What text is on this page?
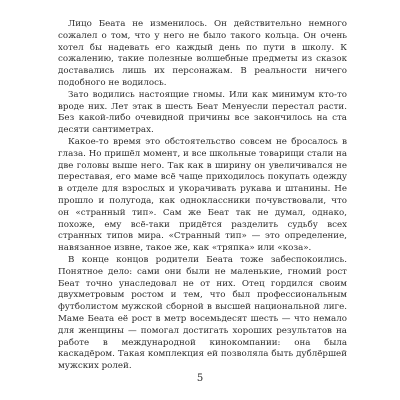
Лицо Беата не изменилось. Он действительно немного сожалел о том, что у него не было такого кольца. Он очень хотел бы надевать его каждый день по пути в школу. К сожалению, такие полезные волшебные предметы из сказок доставались лишь их персонажам. В реальности ничего подобного не водилось.

Зато водились настоящие гномы. Или как минимум кто-то вроде них. Лет этак в шесть Беат Менуесли перестал расти. Без какой-либо очевидной причины все закончилось на ста десяти сантиметрах.

Какое-то время это обстоятельство совсем не бросалось в глаза. Но пришёл момент, и все школьные товарищи стали на две головы выше него. Так как в ширину он увеличивался не переставая, его маме всё чаще приходилось покупать одежду в отделе для взрослых и укорачивать рукава и штанины. Не прошло и полугода, как одноклассники почувствовали, что он «странный тип». Сам же Беат так не думал, однако, похоже, ему всё-таки придётся разделить судьбу всех странных типов мира. «Странный тип» — это определение, навязанное извне, такое же, как «тряпка» или «коза».

В конце концов родители Беата тоже забеспокоились. Понятное дело: сами они были не маленькие, гномий рост Беат точно унаследовал не от них. Отец гордился своим двухметровым ростом и тем, что был профессиональным футболистом мужской сборной в высшей национальной лиге. Маме Беата её рост в метр восемьдесят шесть — что немало для женщины — помогал достигать хороших результатов на работе в международной кинокомпании: она была каскадёром. Такая комплекция ей позволяла быть дублёршей мужских ролей.

5
